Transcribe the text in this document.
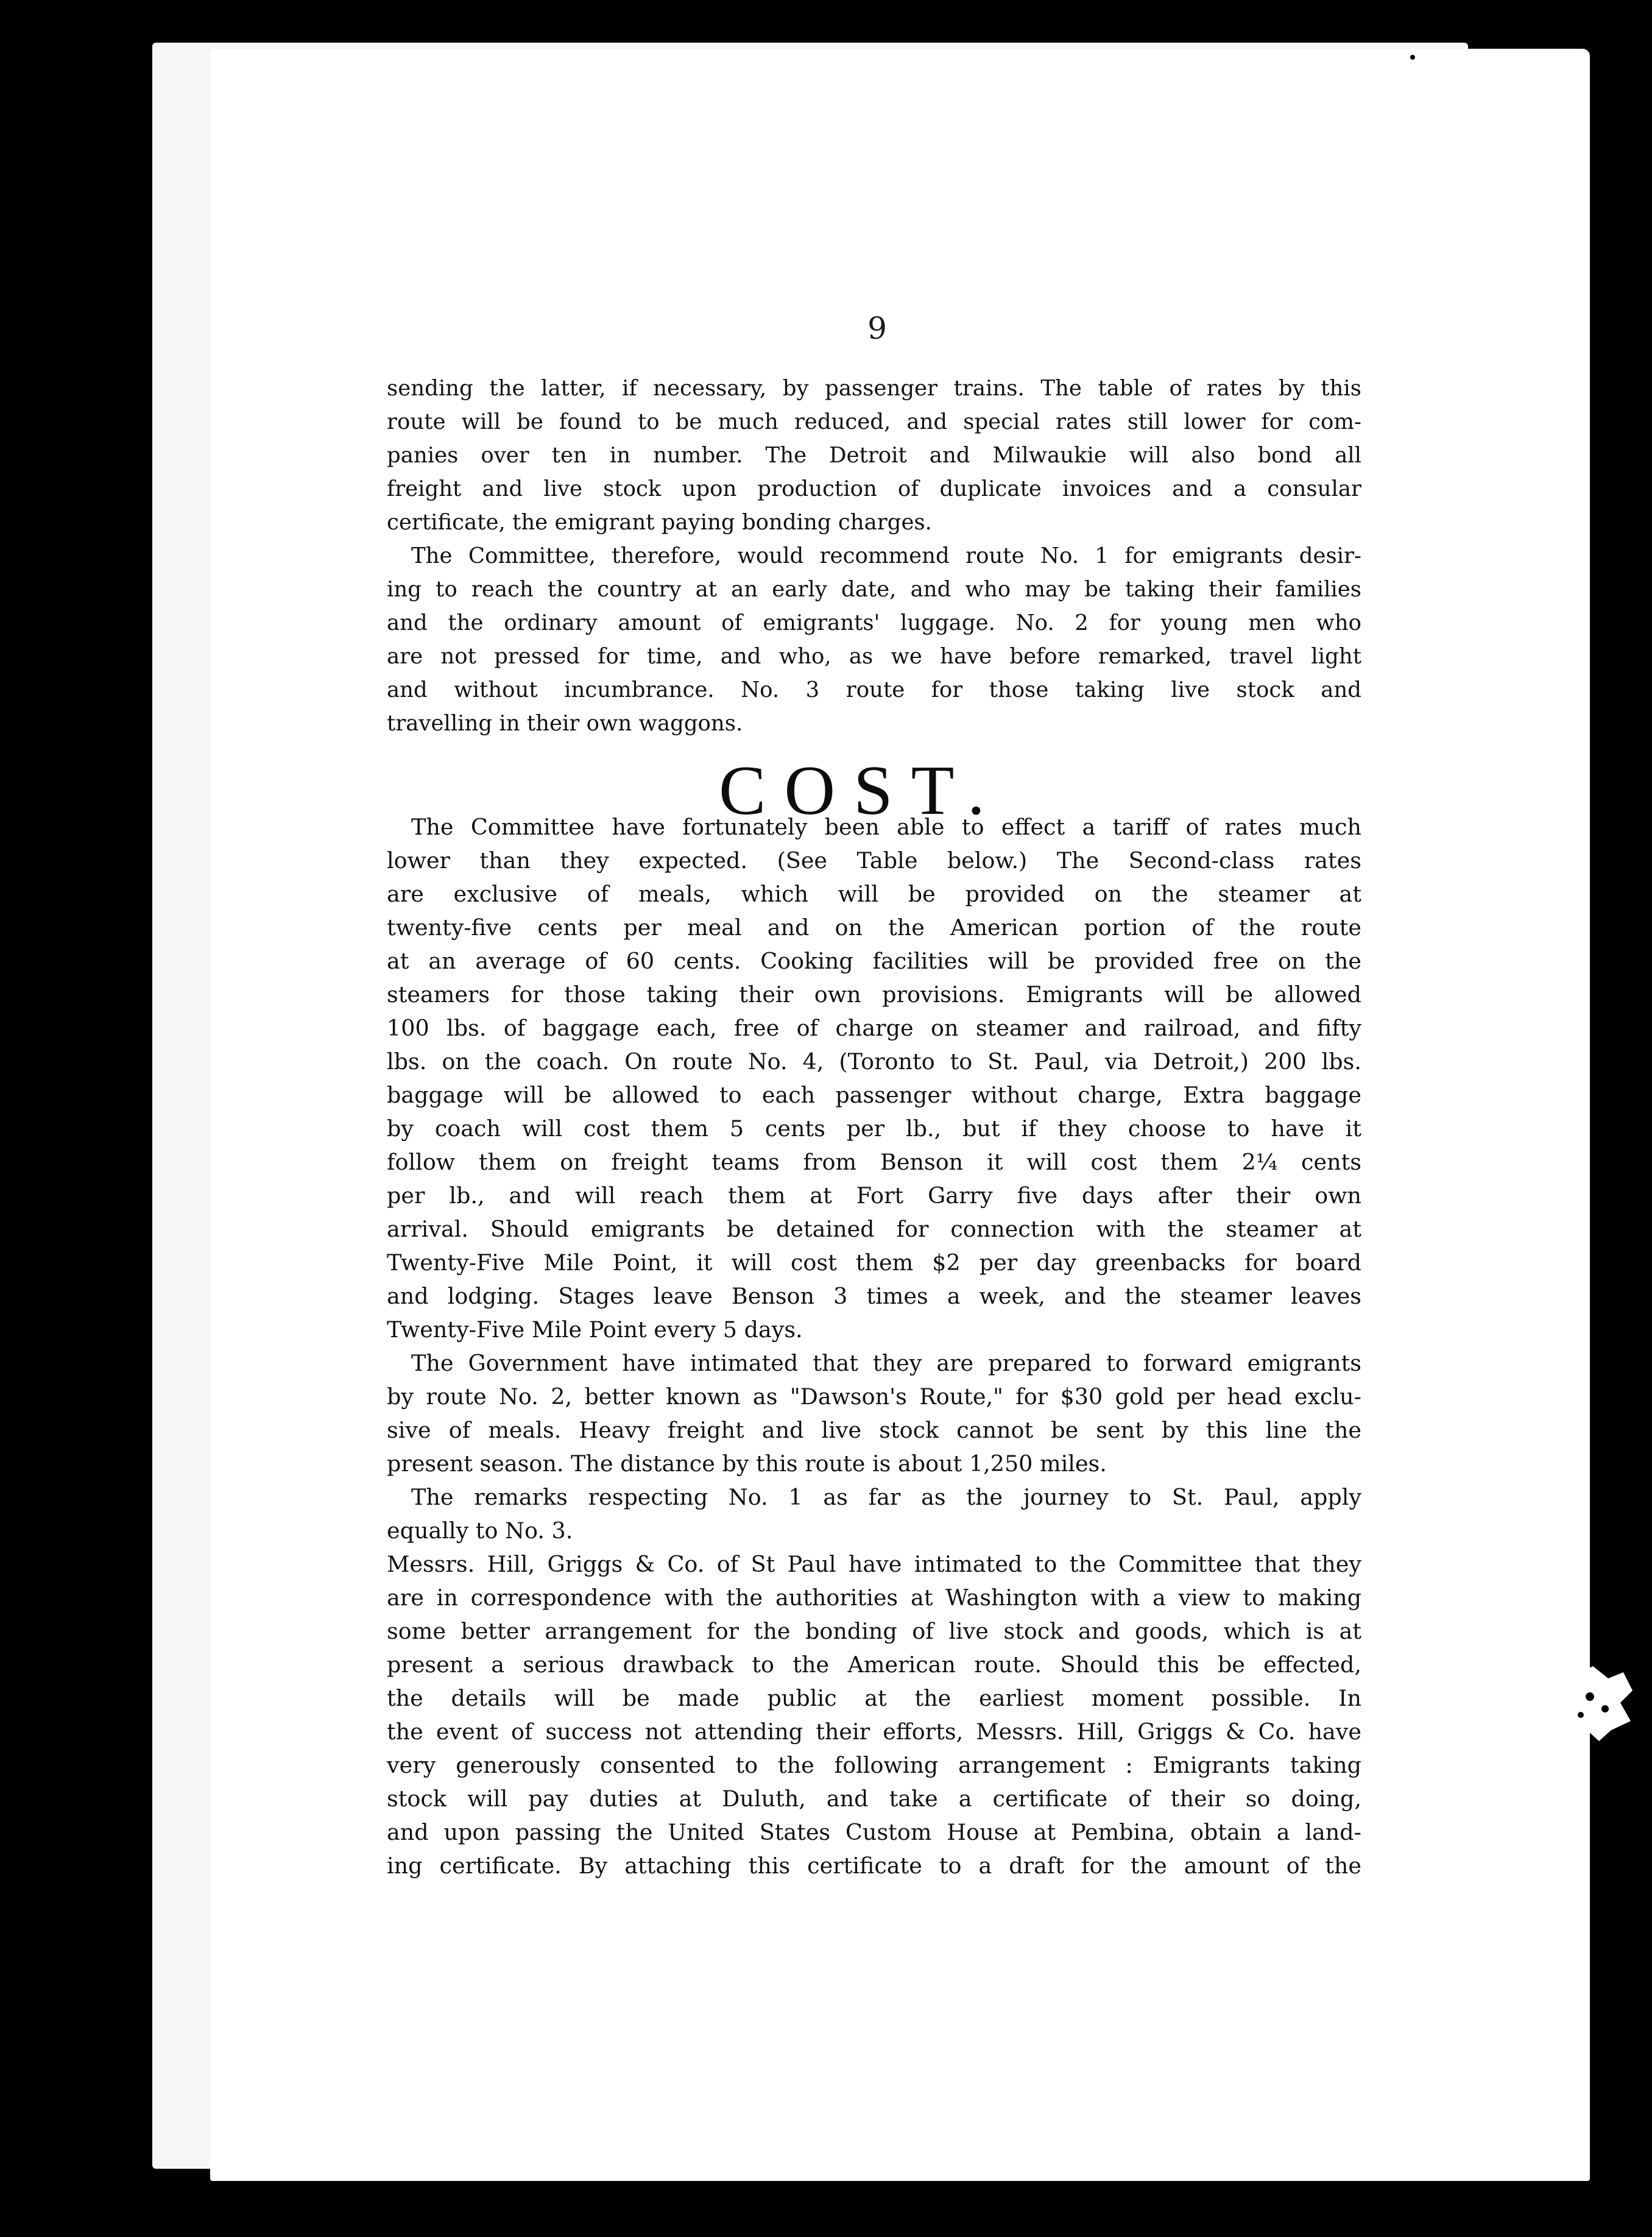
9
sending the latter, if necessary, by passenger trains. The table of rates by this
route will be found to be much reduced, and special rates still lower for com-
panies over ten in number. The Detroit and Milwaukie will also bond all
freight and live stock upon production of duplicate invoices and a consular
certificate, the emigrant paying bonding charges.
The Committee, therefore, would recommend route No. 1 for emigrants desir-
ing to reach the country at an early date, and who may be taking their families
and the ordinary amount of emigrants' luggage. No. 2 for young men who
are not pressed for time, and who, as we have before remarked, travel light
and without incumbrance. No. 3 route for those taking live stock and
travelling in their own waggons.
COST.
The Committee have fortunately been able to effect a tariff of rates much
lower than they expected. (See Table below.) The Second-class rates
are exclusive of meals, which will be provided on the steamer at
twenty-five cents per meal and on the American portion of the route
at an average of 60 cents. Cooking facilities will be provided free on the
steamers for those taking their own provisions. Emigrants will be allowed
100 lbs. of baggage each, free of charge on steamer and railroad, and fifty
lbs. on the coach. On route No. 4, (Toronto to St. Paul, via Detroit,) 200 lbs.
baggage will be allowed to each passenger without charge, Extra baggage
by coach will cost them 5 cents per lb., but if they choose to have it
follow them on freight teams from Benson it will cost them 2¼ cents
per lb., and will reach them at Fort Garry five days after their own
arrival. Should emigrants be detained for connection with the steamer at
Twenty-Five Mile Point, it will cost them $2 per day greenbacks for board
and lodging. Stages leave Benson 3 times a week, and the steamer leaves
Twenty-Five Mile Point every 5 days.
The Government have intimated that they are prepared to forward emigrants
by route No. 2, better known as "Dawson's Route," for $30 gold per head exclu-
sive of meals. Heavy freight and live stock cannot be sent by this line the
present season. The distance by this route is about 1,250 miles.
The remarks respecting No. 1 as far as the journey to St. Paul, apply
equally to No. 3.
Messrs. Hill, Griggs & Co. of St Paul have intimated to the Committee that they
are in correspondence with the authorities at Washington with a view to making
some better arrangement for the bonding of live stock and goods, which is at
present a serious drawback to the American route. Should this be effected,
the details will be made public at the earliest moment possible. In
the event of success not attending their efforts, Messrs. Hill, Griggs & Co. have
very generously consented to the following arrangement : Emigrants taking
stock will pay duties at Duluth, and take a certificate of their so doing,
and upon passing the United States Custom House at Pembina, obtain a land-
ing certificate. By attaching this certificate to a draft for the amount of the
